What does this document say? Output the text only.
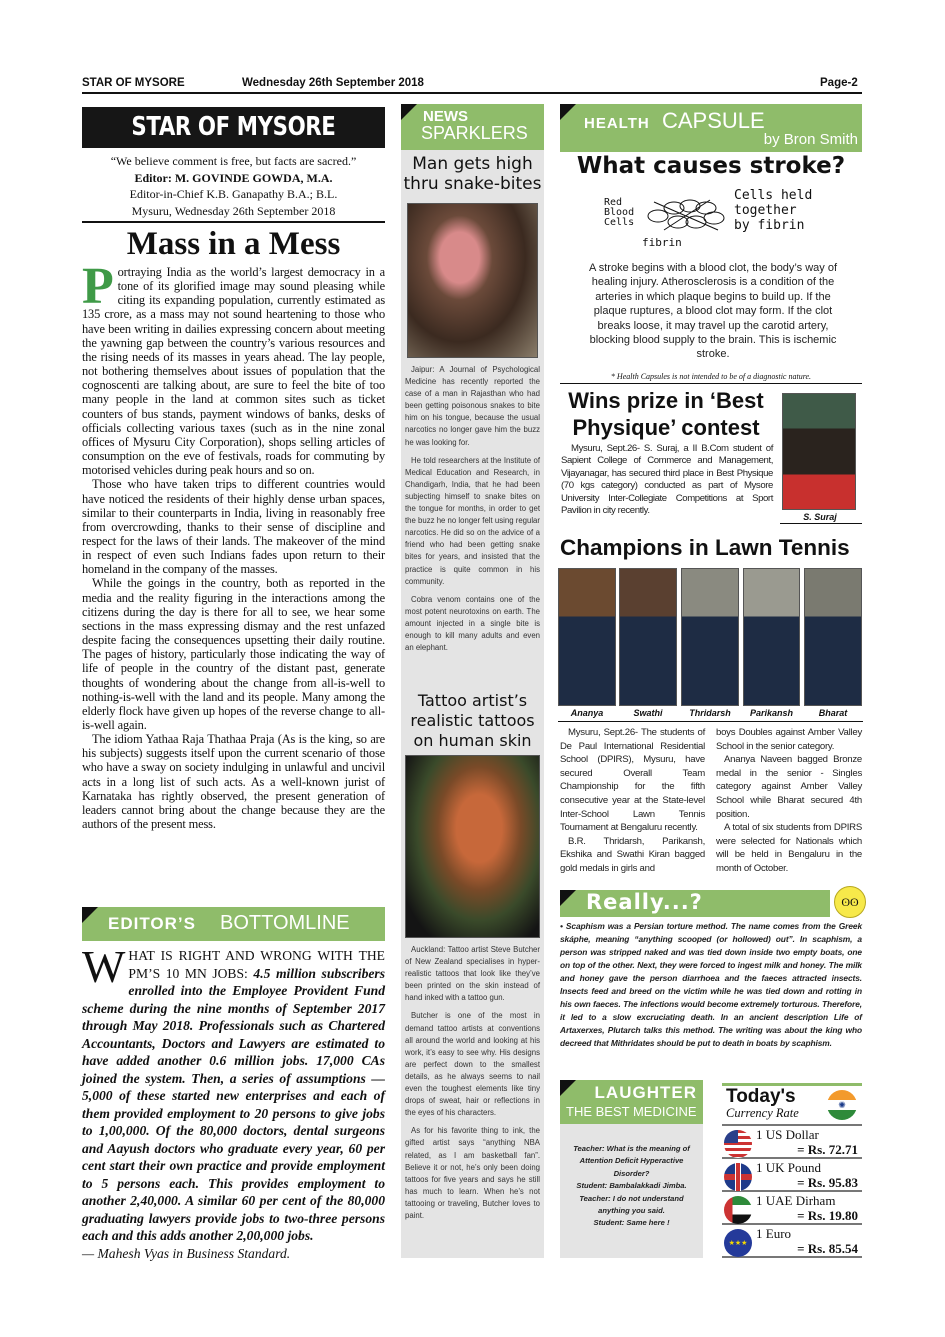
STAR OF MYSORE	Wednesday 26th September 2018	Page-2
STAR OF MYSORE
“We believe comment is free, but facts are sacred.”
Editor: M. GOVINDE GOWDA, M.A.
Editor-in-Chief K.B. Ganapathy B.A.; B.L.
Mysuru, Wednesday 26th September 2018
Mass in a Mess

Portraying India as the world’s largest democracy in a tone of its glorified image may sound pleasing while citing its expanding population, currently estimated as 135 crore, as a mass may not sound heartening to those who have been writing in dailies expressing concern about meeting the yawning gap between the country’s various resources and the rising needs of its masses in years ahead. The lay people, not bothering themselves about issues of population that the cognoscenti are talking about, are sure to feel the bite of too many people in the land at common sites such as ticket counters of bus stands, payment windows of banks, desks of officials collecting various taxes (such as in the nine zonal offices of Mysuru City Corporation), shops selling articles of consumption on the eve of festivals, roads for commuting by motorised vehicles during peak hours and so on.

Those who have taken trips to different countries would have noticed the residents of their highly dense urban spaces, similar to their counterparts in India, living in reasonably free from overcrowding, thanks to their sense of discipline and respect for the laws of their lands. The makeover of the mind in respect of even such Indians fades upon return to their homeland in the company of the masses.

While the goings in the country, both as reported in the media and the reality figuring in the interactions among the citizens during the day is there for all to see, we hear some sections in the mass expressing dismay and the rest unfazed despite facing the consequences upsetting their daily routine. The pages of history, particularly those indicating the way of life of people in the country of the distant past, generate thoughts of wondering about the change from all-is-well to nothing-is-well with the land and its people. Many among the elderly flock have given up hopes of the reverse change to all-is-well again.

The idiom Yathaa Raja Thathaa Praja (As is the king, so are his subjects) suggests itself upon the current scenario of those who have a sway on society indulging in unlawful and uncivil acts in a long list of such acts. As a well-known jurist of Karnataka has rightly observed, the present generation of leaders cannot bring about the change because they are the authors of the present mess.

EDITOR’S BOTTOMLINE
WHAT IS RIGHT AND WRONG WITH THE PM’S 10 MN JOBS: 4.5 million subscribers enrolled into the Employee Provident Fund scheme during the nine months of September 2017 through May 2018. Professionals such as Chartered Accountants, Doctors and Lawyers are estimated to have added another 0.6 million jobs. 17,000 CAs joined the system. Then, a series of assumptions — 5,000 of these started new enterprises and each of them provided employment to 20 persons to give jobs to 1,00,000. Of the 80,000 doctors, dental surgeons and Aayush doctors who graduate every year, 60 per cent start their own practice and provide employment to 5 persons each. This provides employment to another 2,40,000. A similar 60 per cent of the 80,000 graduating lawyers provide jobs to two-three persons each and this adds another 2,00,000 jobs.
— Mahesh Vyas in Business Standard.
NEWS
SPARKLERS
Man gets high thru snake-bites

Jaipur: A Journal of Psychological Medicine has recently reported the case of a man in Rajasthan who had been getting poisonous snakes to bite him on his tongue, because the usual narcotics no longer gave him the buzz he was looking for.

He told researchers at the Institute of Medical Education and Research, in Chandigarh, India, that he had been subjecting himself to snake bites on the tongue for months, in order to get the buzz he no longer felt using regular narcotics. He did so on the advice of a friend who had been getting snake bites for years, and insisted that the practice is quite common in his community.

Cobra venom contains one of the most potent neurotoxins on earth. The amount injected in a single bite is enough to kill many adults and even an elephant.

Tattoo artist’s realistic tattoos on human skin

Auckland: Tattoo artist Steve Butcher of New Zealand specialises in hyper-realistic tattoos that look like they’ve been printed on the skin instead of hand inked with a tattoo gun.

Butcher is one of the most in demand tattoo artists at conventions all around the world and looking at his work, it’s easy to see why. His designs are perfect down to the smallest details, as he always seems to nail even the toughest elements like tiny drops of sweat, hair or reflections in the eyes of his characters.

As for his favorite thing to ink, the gifted artist says “anything NBA related, as I am basketball fan”. Believe it or not, he’s only been doing tattoos for five years and says he still has much to learn. When he’s not tattooing or traveling, Butcher loves to paint.

HEALTH CAPSULE
by Bron Smith
What causes stroke?
Red Blood Cells
fibrin
Cells held together by fibrin
A stroke begins with a blood clot, the body’s way of healing injury. Atherosclerosis is a condition of the arteries in which plaque begins to build up. If the plaque ruptures, a blood clot may form. If the clot breaks loose, it may travel up the carotid artery, blocking blood supply to the brain. This is ischemic stroke.
* Health Capsules is not intended to be of a diagnostic nature.
Wins prize in ‘Best Physique’ contest
Mysuru, Sept.26- S. Suraj, a II B.Com student of Sapient College of Commerce and Management, Vijayanagar, has secured third place in Best Physique (70 kgs category) conducted as part of Mysore University Inter-Collegiate Competitions at Sport Pavilion in city recently.
S. Suraj
Champions in Lawn Tennis
Ananya	Swathi	Thridarsh	Parikansh	Bharat

Mysuru, Sept.26- The students of De Paul International Residential School (DPIRS), Mysuru, have secured Overall Team Championship for the fifth consecutive year at the State-level Inter-School Lawn Tennis Tournament at Bengaluru recently.

B.R. Thridarsh, Parikansh, Ekshika and Swathi Kiran bagged gold medals in girls and

boys Doubles against Amber Valley School in the senior category.

Ananya Naveen bagged Bronze medal in the senior - Singles category against Amber Valley School while Bharat secured 4th position.

A total of six students from DPIRS were selected for Nationals which will be held in Bengaluru in the month of October.

Really...?	ʘʘ
• Scaphism was a Persian torture method. The name comes from the Greek skáphe, meaning “anything scooped (or hollowed) out”. In scaphism, a person was stripped naked and was tied down inside two empty boats, one on top of the other. Next, they were forced to ingest milk and honey. The milk and honey gave the person diarrhoea and the faeces attracted insects. Insects feed and breed on the victim while he was tied down and rotting in his own faeces. The infections would become extremely torturous. Therefore, it led to a slow excruciating death. In an ancient description Life of Artaxerxes, Plutarch talks this method. The writing was about the king who decreed that Mithridates should be put to death in boats by scaphism.
LAUGHTER
THE BEST MEDICINE
Teacher: What is the meaning of Attention Deficit Hyperactive Disorder?
Student: Bambalakkadi Jimba.
Teacher: I do not understand anything you said.
Student: Same here !
Today's
Currency Rate
✺
1 US Dollar
= Rs. 72.71
1 UK Pound
= Rs. 95.83
1 UAE Dirham
= Rs. 19.80
★★★
1 Euro
= Rs. 85.54
